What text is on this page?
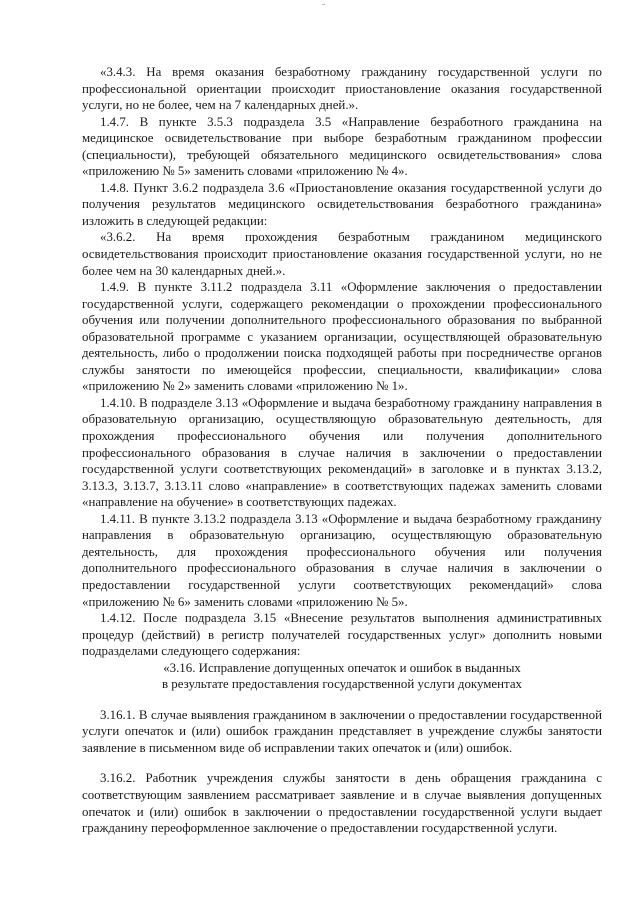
«3.4.3. На время оказания безработному гражданину государственной услуги по профессиональной ориентации происходит приостановление оказания государственной услуги, но не более, чем на 7 календарных дней.».

1.4.7. В пункте 3.5.3 подраздела 3.5 «Направление безработного гражданина на медицинское освидетельствование при выборе безработным гражданином профессии (специальности), требующей обязательного медицинского освидетельствования» слова «приложению № 5» заменить словами «приложению № 4».

1.4.8. Пункт 3.6.2 подраздела 3.6 «Приостановление оказания государственной услуги до получения результатов медицинского освидетельствования безработного гражданина» изложить в следующей редакции:

«3.6.2. На время прохождения безработным гражданином медицинского освидетельствования происходит приостановление оказания государственной услуги, но не более чем на 30 календарных дней.».

1.4.9. В пункте 3.11.2 подраздела 3.11 «Оформление заключения о предоставлении государственной услуги, содержащего рекомендации о прохождении профессионального обучения или получении дополнительного профессионального образования по выбранной образовательной программе с указанием организации, осуществляющей образовательную деятельность, либо о продолжении поиска подходящей работы при посредничестве органов службы занятости по имеющейся профессии, специальности, квалификации» слова «приложению № 2» заменить словами «приложению № 1».

1.4.10. В подразделе 3.13 «Оформление и выдача безработному гражданину направления в образовательную организацию, осуществляющую образовательную деятельность, для прохождения профессионального обучения или получения дополнительного профессионального образования в случае наличия в заключении о предоставлении государственной услуги соответствующих рекомендаций» в заголовке и в пунктах 3.13.2, 3.13.3, 3.13.7, 3.13.11 слово «направление» в соответствующих падежах заменить словами «направление на обучение» в соответствующих падежах.

1.4.11. В пункте 3.13.2 подраздела 3.13 «Оформление и выдача безработному гражданину направления в образовательную организацию, осуществляющую образовательную деятельность, для прохождения профессионального обучения или получения дополнительного профессионального образования в случае наличия в заключении о предоставлении государственной услуги соответствующих рекомендаций» слова «приложению № 6» заменить словами «приложению № 5».

1.4.12. После подраздела 3.15 «Внесение результатов выполнения административных процедур (действий) в регистр получателей государственных услуг» дополнить новыми подразделами следующего содержания:

«3.16. Исправление допущенных опечаток и ошибок в выданных

в результате предоставления государственной услуги документах

3.16.1. В случае выявления гражданином в заключении о предоставлении государственной услуги опечаток и (или) ошибок гражданин представляет в учреждение службы занятости заявление в письменном виде об исправлении таких опечаток и (или) ошибок.

3.16.2. Работник учреждения службы занятости в день обращения гражданина с соответствующим заявлением рассматривает заявление и в случае выявления допущенных опечаток и (или) ошибок в заключении о предоставлении государственной услуги выдает гражданину переоформленное заключение о предоставлении государственной услуги.
